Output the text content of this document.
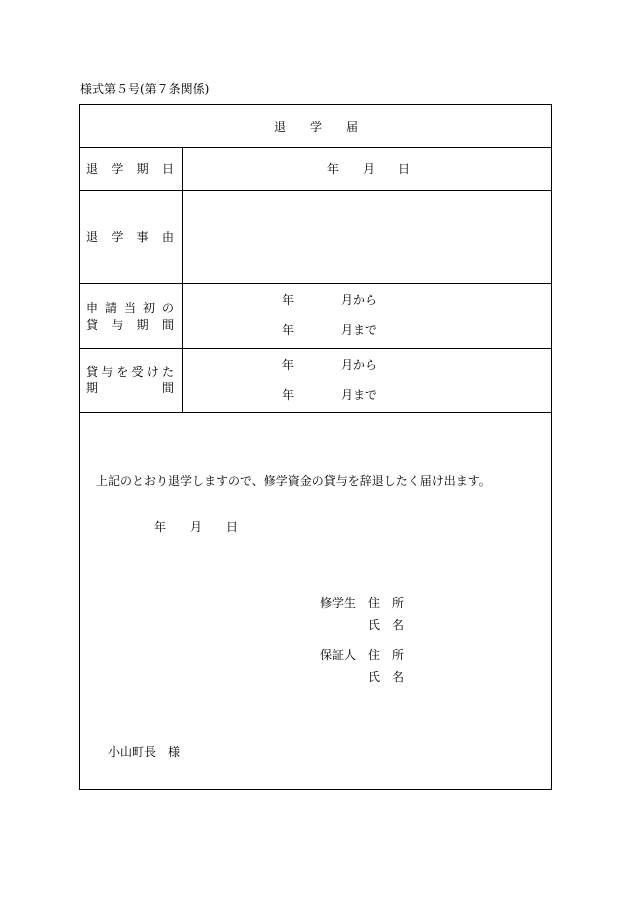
様式第５号(第７条関係)
退 学 届
退 学 期 日	年 月 日
退 学 事 由
申 請 当 初 の
貸 与 期 間
年	月から
年	月まで
貸 与 を 受 け た
期	間
年	月から
年	月まで
上記のとおり退学しますので、修学資金の貸与を辞退したく届け出ます。
年 月 日
修学生 住　所
氏　名
保証人 住　所
氏　名
小山町長　様
